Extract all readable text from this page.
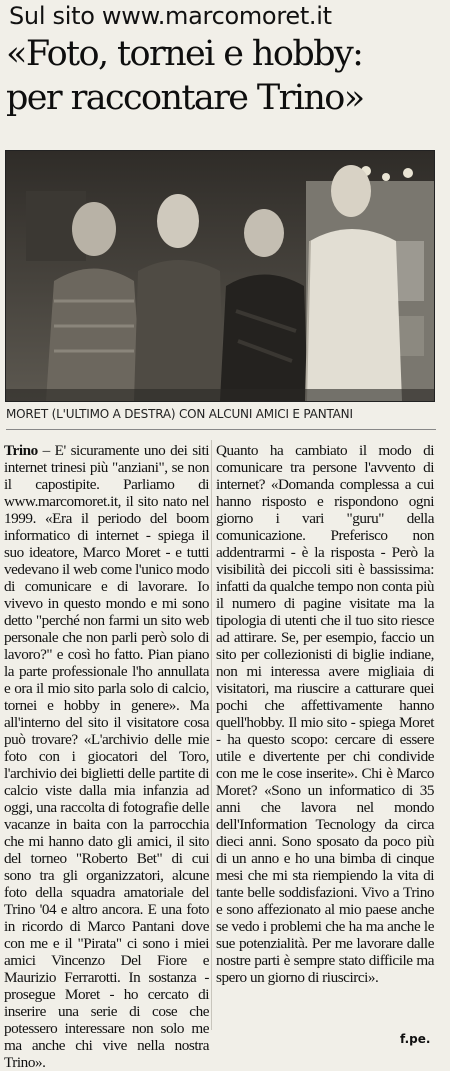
Sul sito www.marcomoret.it
«Foto, tornei e hobby:
per raccontare Trino»
MORET (L'ULTIMO A DESTRA) CON ALCUNI AMICI E PANTANI

Trino – E' sicuramente uno dei siti internet trinesi più "anziani", se non il capostipite. Parliamo di www.marcomoret.it, il sito nato nel 1999. «Era il periodo del boom informatico di internet - spiega il suo ideatore, Marco Moret - e tutti vedevano il web come l'unico modo di comunicare e di lavorare. Io vivevo in questo mondo e mi sono detto "perché non farmi un sito web personale che non parli però solo di lavoro?" e così ho fatto. Pian piano la parte professionale l'ho annullata e ora il mio sito parla solo di calcio, tornei e hobby in genere». Ma all'interno del sito il visitatore cosa può trovare? «L'archivio delle mie foto con i giocatori del Toro, l'archivio dei biglietti delle partite di calcio viste dalla mia infanzia ad oggi, una raccolta di fotografie delle vacanze in baita con la parrocchia che mi hanno dato gli amici, il sito del torneo "Roberto Bet" di cui sono tra gli organizzatori, alcune foto della squadra amatoriale del Trino '04 e altro ancora. E una foto in ricordo di Marco Pantani dove con me e il "Pirata" ci sono i miei amici Vincenzo Del Fiore e Maurizio Ferrarotti. In sostanza - prosegue Moret - ho cercato di inserire una serie di cose che potessero interessare non solo me ma anche chi vive nella nostra Trino».

Quanto ha cambiato il modo di comunicare tra persone l'avvento di internet? «Domanda complessa a cui hanno risposto e rispondono ogni giorno i vari "guru" della comunicazione. Preferisco non addentrarmi - è la risposta - Però la visibilità dei piccoli siti è bassissima: infatti da qualche tempo non conta più il numero di pagine visitate ma la tipologia di utenti che il tuo sito riesce ad attirare. Se, per esempio, faccio un sito per collezionisti di biglie indiane, non mi interessa avere migliaia di visitatori, ma riuscire a catturare quei pochi che affettivamente hanno quell'hobby. Il mio sito - spiega Moret - ha questo scopo: cercare di essere utile e divertente per chi condivide con me le cose inserite». Chi è Marco Moret? «Sono un informatico di 35 anni che lavora nel mondo dell'Information Tecnology da circa dieci anni. Sono sposato da poco più di un anno e ho una bimba di cinque mesi che mi sta riempiendo la vita di tante belle soddisfazioni. Vivo a Trino e sono affezionato al mio paese anche se vedo i problemi che ha ma anche le sue potenzialità. Per me lavorare dalle nostre parti è sempre stato difficile ma spero un giorno di riuscirci».

f.pe.
